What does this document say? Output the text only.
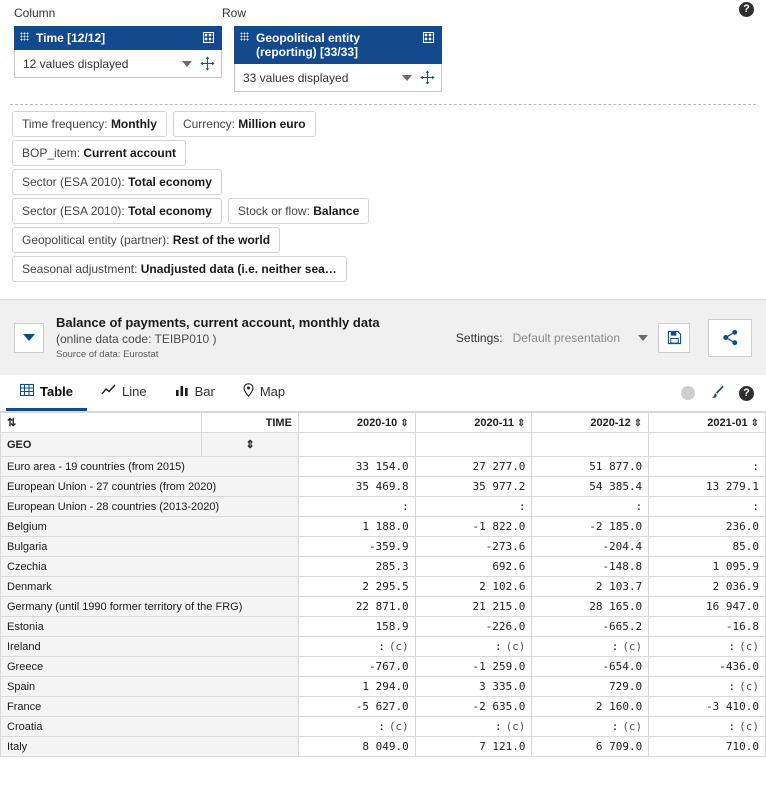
Column	Row	?
Time [12/12]
12 values displayed
Geopolitical entity (reporting) [33/33]
33 values displayed
Time frequency: Monthly	Currency: Million euro
BOP_item: Current account
Sector (ESA 2010): Total economy
Sector (ESA 2010): Total economy	Stock or flow: Balance
Geopolitical entity (partner): Rest of the world
Seasonal adjustment: Unadjusted data (i.e. neither sea…
Balance of payments, current account, monthly data
(online data code: TEIBP010 )
Source of data: Eurostat
Settings: Default presentation
Table	Line	Bar	Map	?
⇅	TIME	2020-10 ⇕	2020-11 ⇕	2020-12 ⇕	2021-01 ⇕
GEO	⇕				
Euro area - 19 countries (from 2015)		33 154.0	27 277.0	51 877.0	:
European Union - 27 countries (from 2020)		35 469.8	35 977.2	54 385.4	13 279.1
European Union - 28 countries (2013-2020)		:	:	:	:
Belgium		1 188.0	-1 822.0	-2 185.0	236.0
Bulgaria		-359.9	-273.6	-204.4	85.0
Czechia		285.3	692.6	-148.8	1 095.9
Denmark		2 295.5	2 102.6	2 103.7	2 036.9
Germany (until 1990 former territory of the FRG)		22 871.0	21 215.0	28 165.0	16 947.0
Estonia		158.9	-226.0	-665.2	-16.8
Ireland		: (c)	: (c)	: (c)	: (c)
Greece		-767.0	-1 259.0	-654.0	-436.0
Spain		1 294.0	3 335.0	729.0	: (c)
France		-5 627.0	-2 635.0	2 160.0	-3 410.0
Croatia		: (c)	: (c)	: (c)	: (c)
Italy		8 049.0	7 121.0	6 709.0	710.0
